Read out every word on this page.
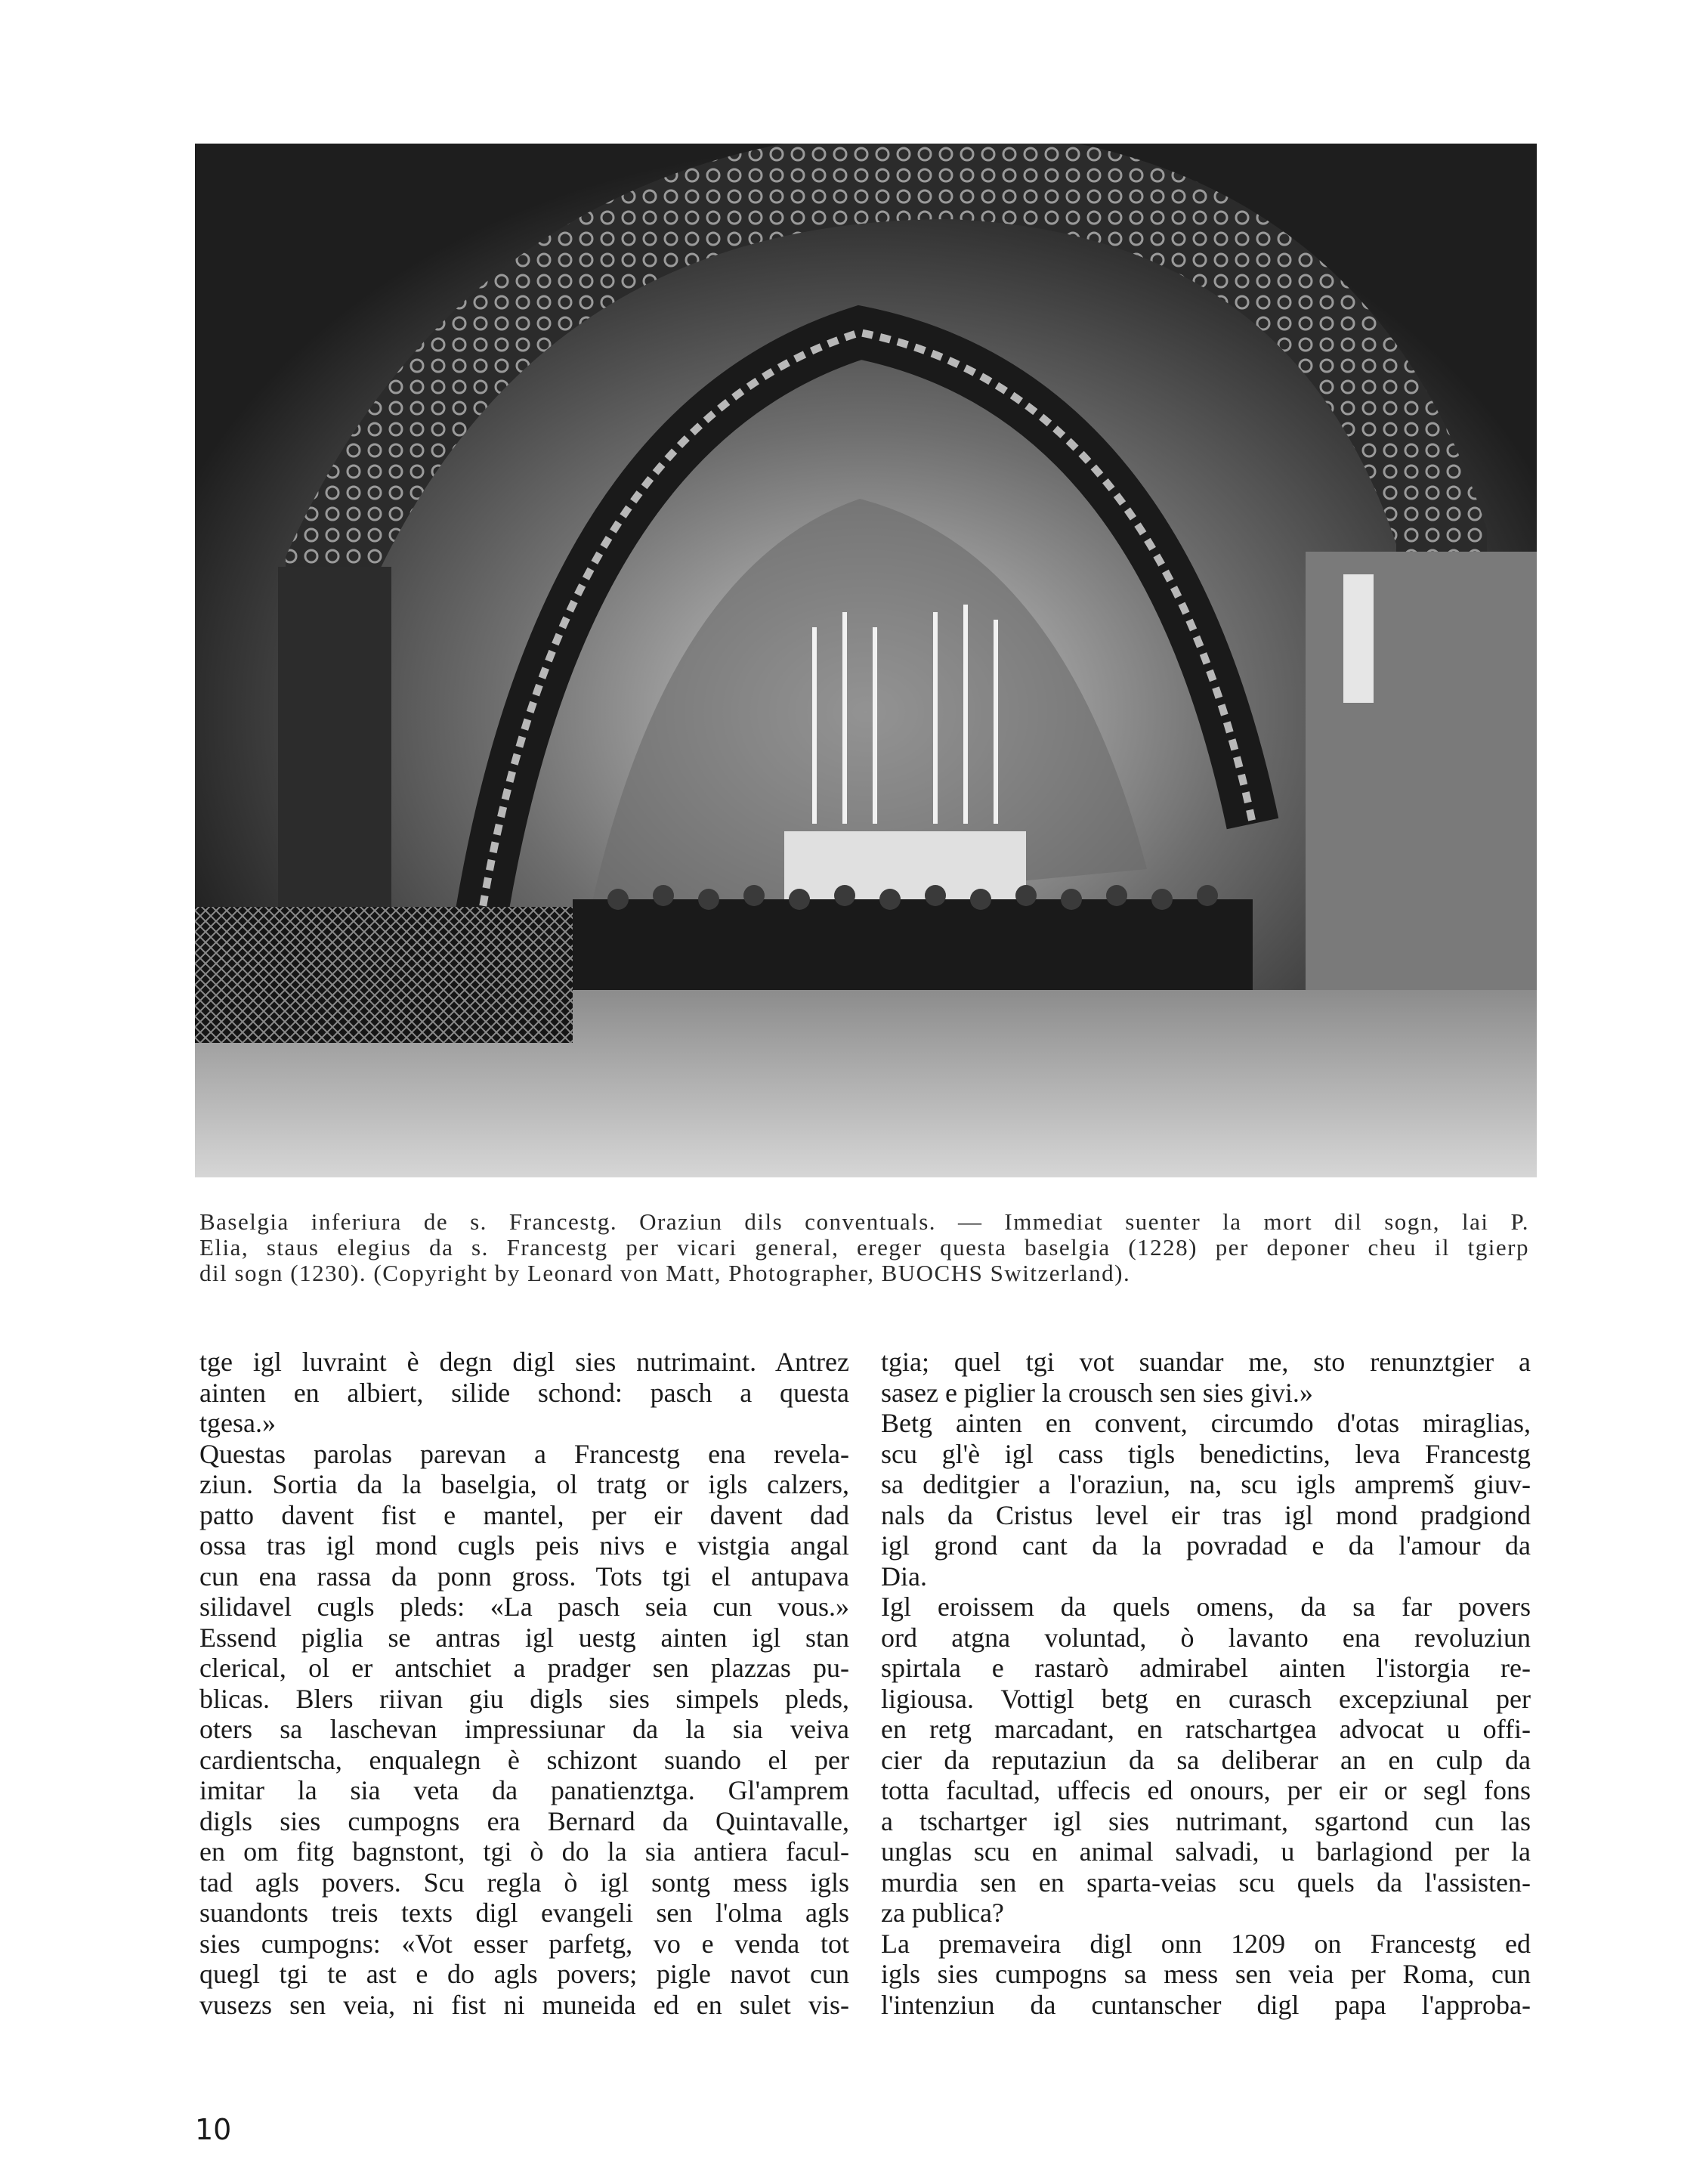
Baselgia inferiura de s. Francestg. Oraziun dils conventuals. — Immediat suenter la mort dil sogn, lai P.
Elia, staus elegius da s. Francestg per vicari general, ereger questa baselgia (1228) per deponer cheu il tgierp
dil sogn (1230). (Copyright by Leonard von Matt, Photographer, BUOCHS Switzerland).
tge igl luvraint è degn digl sies nutrimaint. Antrez
ainten en albiert, silide schond: pasch a questa
tgesa.»
Questas parolas parevan a Francestg ena revela-
ziun. Sortia da la baselgia, ol tratg or igls calzers,
patto davent fist e mantel, per eir davent dad
ossa tras igl mond cugls peis nivs e vistgia angal
cun ena rassa da ponn gross. Tots tgi el antupava
silidavel cugls pleds: «La pasch seia cun vous.»
Essend piglia se antras igl uestg ainten igl stan
clerical, ol er antschiet a pradger sen plazzas pu-
blicas. Blers riivan giu digls sies simpels pleds,
oters sa laschevan impressiunar da la sia veiva
cardientscha, enqualegn è schizont suando el per
imitar la sia veta da panatienztga. Gl'amprem
digls sies cumpogns era Bernard da Quintavalle,
en om fitg bagnstont, tgi ò do la sia antiera facul-
tad agls povers. Scu regla ò igl sontg mess igls
suandonts treis texts digl evangeli sen l'olma agls
sies cumpogns: «Vot esser parfetg, vo e venda tot
quegl tgi te ast e do agls povers; pigle navot cun
vusezs sen veia, ni fist ni muneida ed en sulet vis-
tgia; quel tgi vot suandar me, sto renunztgier a
sasez e piglier la crousch sen sies givi.»
Betg ainten en convent, circumdo d'otas miraglias,
scu gl'è igl cass tigls benedictins, leva Francestg
sa deditgier a l'oraziun, na, scu igls ampremš giuv-
nals da Cristus level eir tras igl mond pradgiond
igl grond cant da la povradad e da l'amour da
Dia.
Igl eroissem da quels omens, da sa far povers
ord atgna voluntad, ò lavanto ena revoluziun
spirtala e rastarò admirabel ainten l'istorgia re-
ligiousa. Vottigl betg en curasch excepziunal per
en retg marcadant, en ratschartgea advocat u offi-
cier da reputaziun da sa deliberar an en culp da
totta facultad, uffecis ed onours, per eir or segl fons
a tschartger igl sies nutrimant, sgartond cun las
unglas scu en animal salvadi, u barlagiond per la
murdia sen en sparta-veias scu quels da l'assisten-
za publica?
La premaveira digl onn 1209 on Francestg ed
igls sies cumpogns sa mess sen veia per Roma, cun
l'intenziun da cuntanscher digl papa l'approba-
10
